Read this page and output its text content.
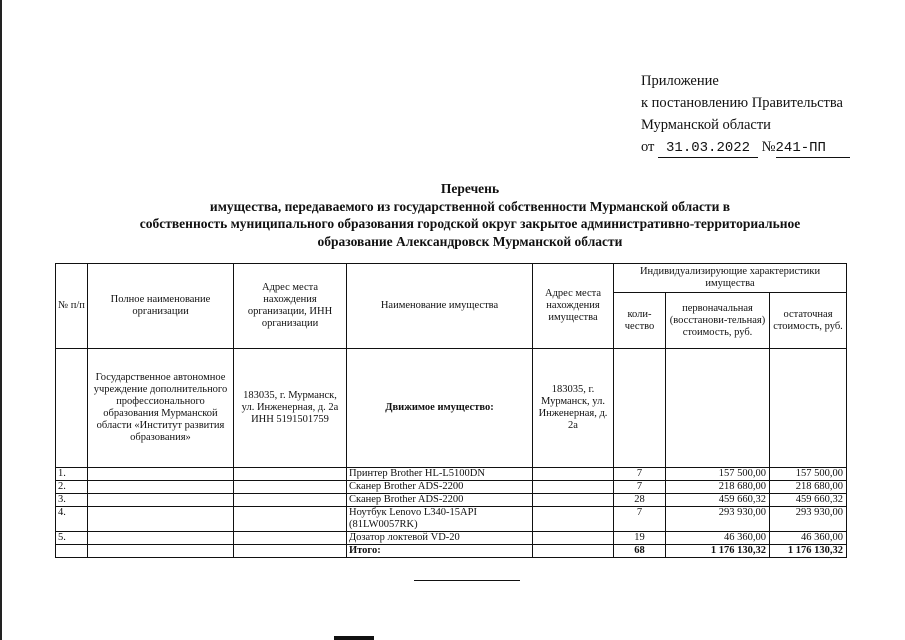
Приложение
к постановлению Правительства
Мурманской области
от 31.03.2022 №241-ПП
Перечень
имущества, передаваемого из государственной собственности Мурманской области в
собственность муниципального образования городской округ закрытое административно-территориальное
образование Александровск Мурманской области
№ п/п	Полное наименование организации	Адрес места нахождения организации, ИНН организации	Наименование имущества	Адрес места нахождения имущества	Индивидуализирующие характеристики имущества		
					коли-чество	первоначальная (восстанови-тельная) стоимость, руб.	остаточная стоимость, руб.
	Государственное автономное учреждение дополнительного профессионального образования Мурманской области «Институт развития образования»	183035, г. Мурманск, ул. Инженерная, д. 2а ИНН 5191501759	Движимое имущество:	183035, г. Мурманск, ул. Инженерная, д. 2а			
1.			Принтер Brother HL-L5100DN		7	157 500,00	157 500,00
2.			Сканер Brother ADS-2200		7	218 680,00	218 680,00
3.			Сканер Brother ADS-2200		28	459 660,32	459 660,32
4.			Ноутбук Lenovo L340-15API (81LW0057RK)		7	293 930,00	293 930,00
5.			Дозатор локтевой VD-20		19	46 360,00	46 360,00
			Итого:		68	1 176 130,32	1 176 130,32
